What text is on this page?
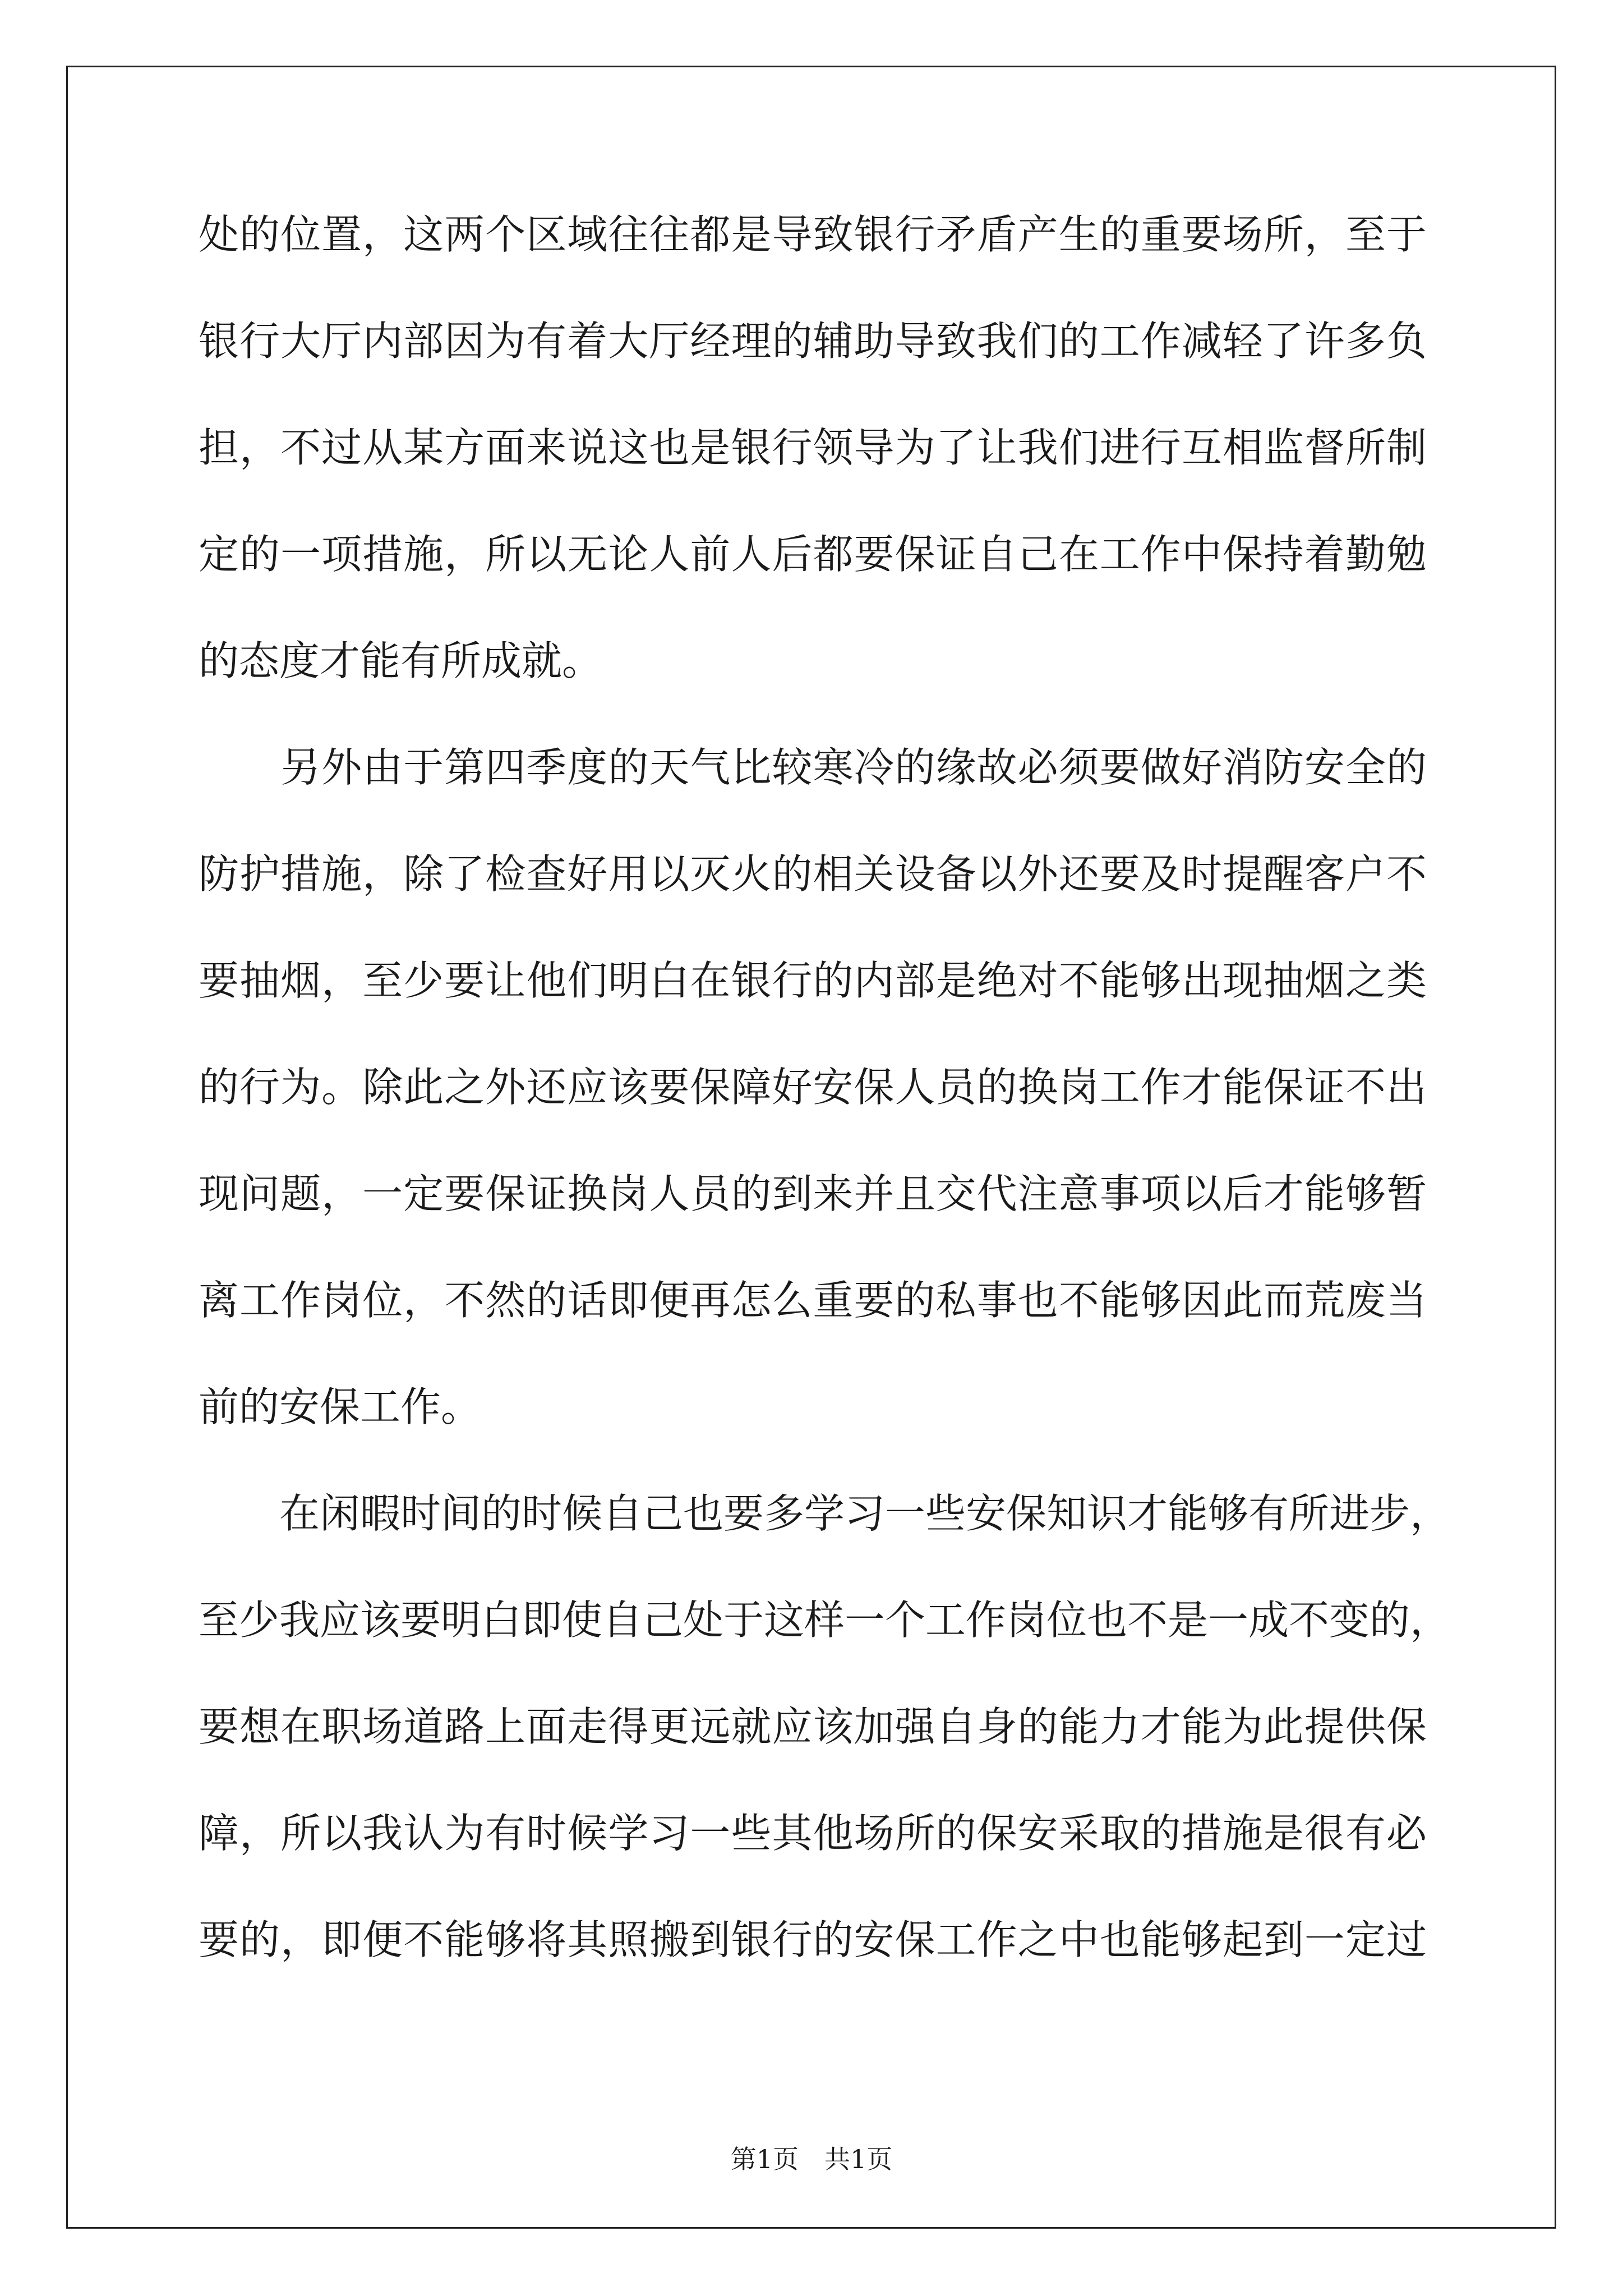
处的位置，这两个区域往往都是导致银行矛盾产生的重要场所，至于
银行大厅内部因为有着大厅经理的辅助导致我们的工作减轻了许多负
担，不过从某方面来说这也是银行领导为了让我们进行互相监督所制
定的一项措施，所以无论人前人后都要保证自己在工作中保持着勤勉
的态度才能有所成就。
　　另外由于第四季度的天气比较寒冷的缘故必须要做好消防安全的
防护措施，除了检查好用以灭火的相关设备以外还要及时提醒客户不
要抽烟，至少要让他们明白在银行的内部是绝对不能够出现抽烟之类
的行为。除此之外还应该要保障好安保人员的换岗工作才能保证不出
现问题，一定要保证换岗人员的到来并且交代注意事项以后才能够暂
离工作岗位，不然的话即便再怎么重要的私事也不能够因此而荒废当
前的安保工作。
　　在闲暇时间的时候自己也要多学习一些安保知识才能够有所进步，
至少我应该要明白即使自己处于这样一个工作岗位也不是一成不变的，
要想在职场道路上面走得更远就应该加强自身的能力才能为此提供保
障，所以我认为有时候学习一些其他场所的保安采取的措施是很有必
要的，即便不能够将其照搬到银行的安保工作之中也能够起到一定过
第1页　共1页
